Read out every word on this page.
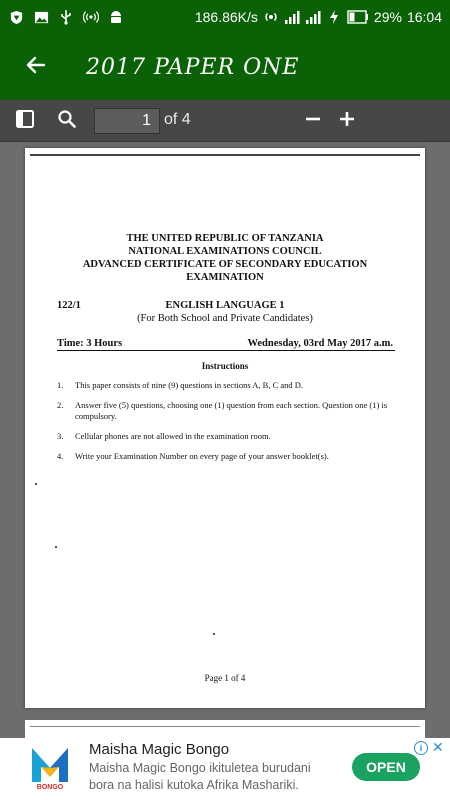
186.86K/s	29% 16:04
2017 PAPER ONE
1 of 4
THE UNITED REPUBLIC OF TANZANIA
NATIONAL EXAMINATIONS COUNCIL
ADVANCED CERTIFICATE OF SECONDARY EDUCATION
EXAMINATION
122/1	ENGLISH LANGUAGE 1
(For Both School and Private Candidates)
Time: 3 Hours	Wednesday, 03rd May 2017 a.m.
Instructions
1.	This paper consists of nine (9) questions in sections A, B, C and D.
2.	Answer five (5) questions, choosing one (1) question from each section. Question one (1) is compulsory.
3.	Cellular phones are not allowed in the examination room.
4.	Write your Examination Number on every page of your answer booklet(s).
Page 1 of 4
BONGO
Maisha Magic Bongo
Maisha Magic Bongo ikituletea burudani bora na halisi kutoka Afrika Mashariki.
OPEN
i ✕
